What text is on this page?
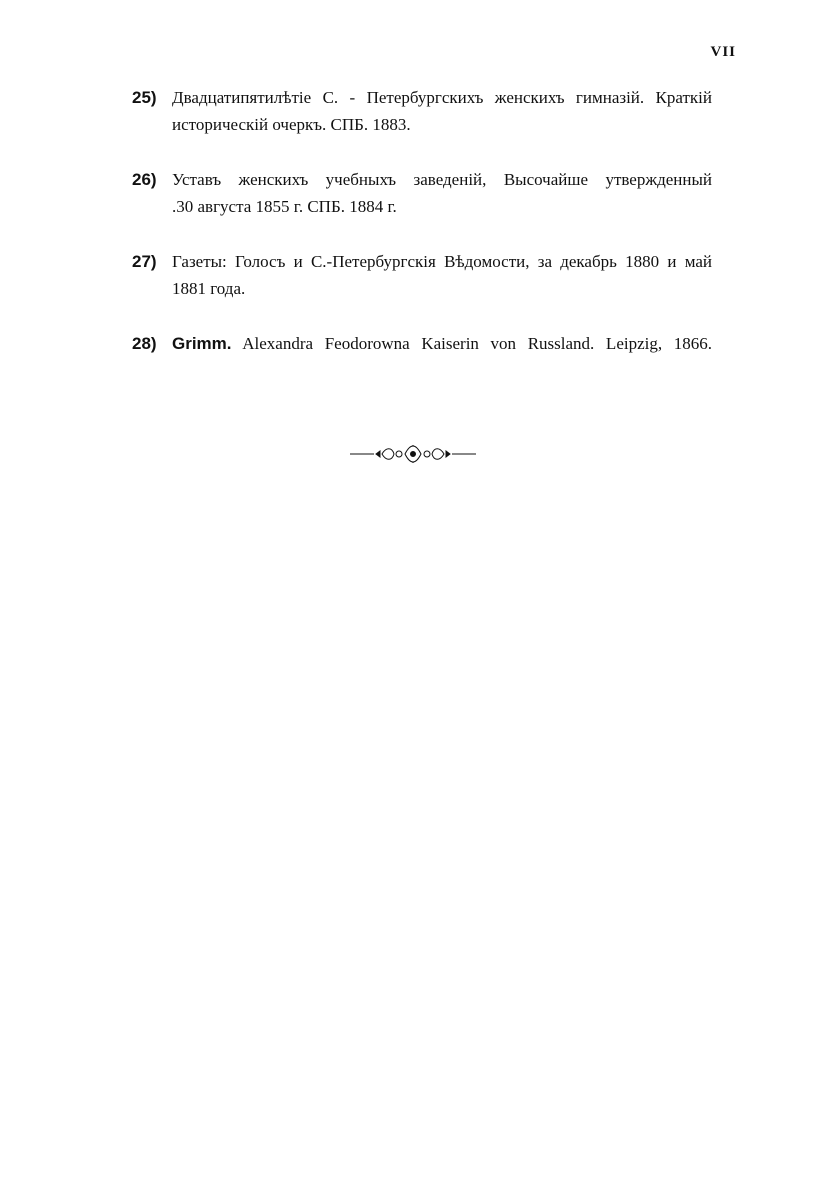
VII
25) Двадцатипятилѣтіе С. - Петербургскихъ женскихъ гимназій. Краткій
историческій очеркъ. СПБ. 1883.
26) Уставъ женскихъ учебныхъ заведеній, Высочайше утвержденный
.30 августа 1855 г. СПБ. 1884 г.
27) Газеты: Голосъ и С.-Петербургскія Вѣдомости, за декабрь 1880 и май
1881 года.
28) Grimm. Alexandra Feodorowna Kaiserin von Russland. Leipzig, 1866.
